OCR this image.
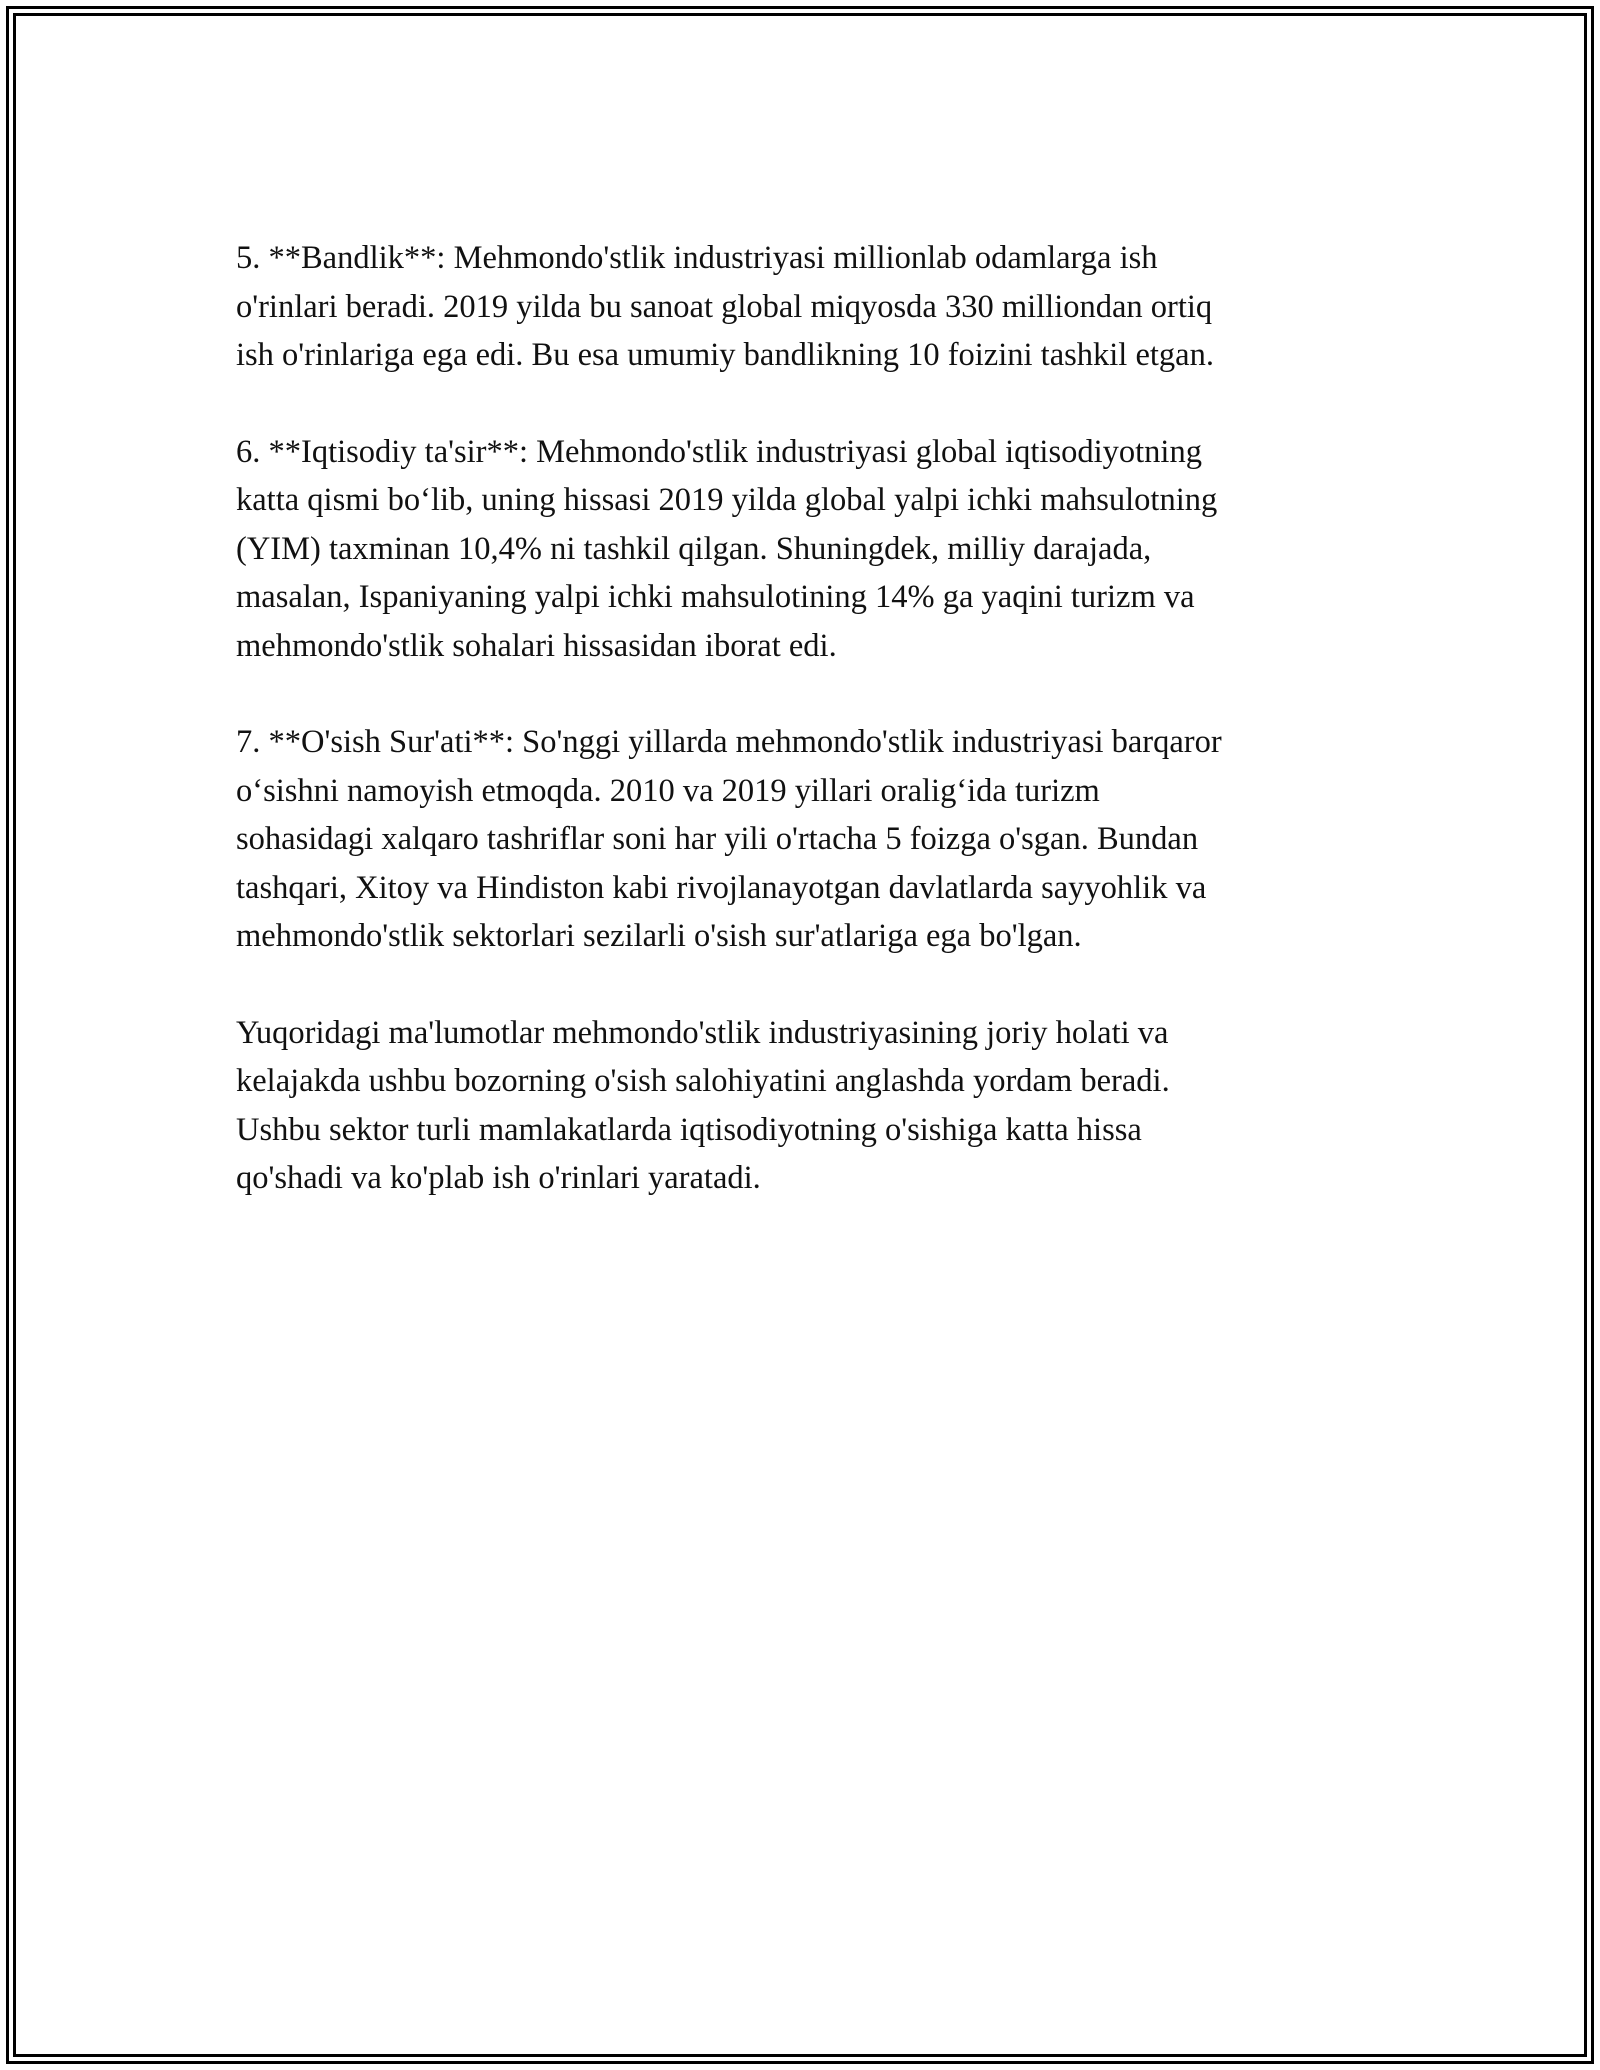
5. **Bandlik**: Mehmondo'stlik industriyasi millionlab odamlarga ish
o'rinlari beradi. 2019 yilda bu sanoat global miqyosda 330 milliondan ortiq
ish o'rinlariga ega edi. Bu esa umumiy bandlikning 10 foizini tashkil etgan.

6. **Iqtisodiy ta'sir**: Mehmondo'stlik industriyasi global iqtisodiyotning
katta qismi bo‘lib, uning hissasi 2019 yilda global yalpi ichki mahsulotning
(YIM) taxminan 10,4% ni tashkil qilgan. Shuningdek, milliy darajada,
masalan, Ispaniyaning yalpi ichki mahsulotining 14% ga yaqini turizm va
mehmondo'stlik sohalari hissasidan iborat edi.

7. **O'sish Sur'ati**: So'nggi yillarda mehmondo'stlik industriyasi barqaror
o‘sishni namoyish etmoqda. 2010 va 2019 yillari oralig‘ida turizm
sohasidagi xalqaro tashriflar soni har yili o'rtacha 5 foizga o'sgan. Bundan
tashqari, Xitoy va Hindiston kabi rivojlanayotgan davlatlarda sayyohlik va
mehmondo'stlik sektorlari sezilarli o'sish sur'atlariga ega bo'lgan.

Yuqoridagi ma'lumotlar mehmondo'stlik industriyasining joriy holati va
kelajakda ushbu bozorning o'sish salohiyatini anglashda yordam beradi.
Ushbu sektor turli mamlakatlarda iqtisodiyotning o'sishiga katta hissa
qo'shadi va ko'plab ish o'rinlari yaratadi.
